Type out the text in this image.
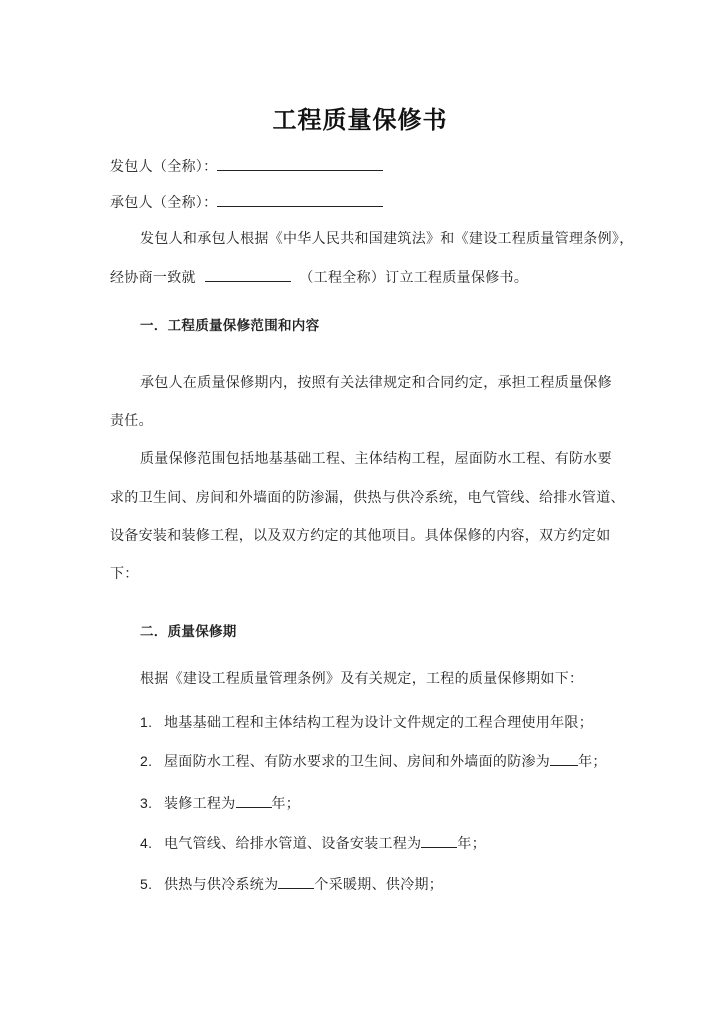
工程质量保修书
发包人（全称）：
承包人（全称）：
发包人和承包人根据《中华人民共和国建筑法》和《建设工程质量管理条例》，
经协商一致就	（工程全称）订立工程质量保修书。
一．工程质量保修范围和内容
承包人在质量保修期内，按照有关法律规定和合同约定，承担工程质量保修
责任。
质量保修范围包括地基基础工程、主体结构工程，屋面防水工程、有防水要
求的卫生间、房间和外墙面的防渗漏，供热与供冷系统，电气管线、给排水管道、
设备安装和装修工程，以及双方约定的其他项目。具体保修的内容，双方约定如
下：
二．质量保修期
根据《建设工程质量管理条例》及有关规定，工程的质量保修期如下：
1. 地基基础工程和主体结构工程为设计文件规定的工程合理使用年限；
2. 屋面防水工程、有防水要求的卫生间、房间和外墙面的防渗为 年；
3. 装修工程为	年；
4. 电气管线、给排水管道、设备安装工程为	年；
5. 供热与供冷系统为	个采暖期、供冷期；
